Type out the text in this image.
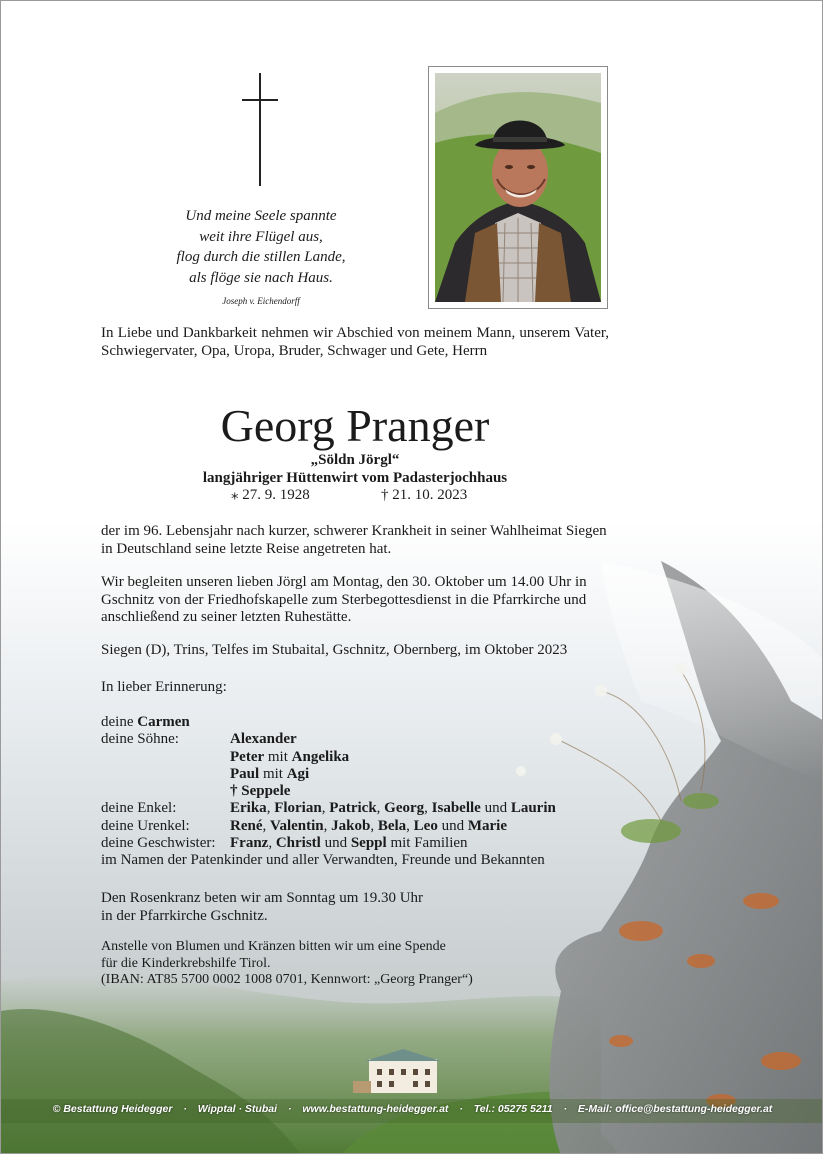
Und meine Seele spannte
weit ihre Flügel aus,
flog durch die stillen Lande,
als flöge sie nach Haus.
Joseph v. Eichendorff
In Liebe und Dankbarkeit nehmen wir Abschied von meinem Mann, unserem Vater, Schwiegervater, Opa, Uropa, Bruder, Schwager und Gete, Herrn
Georg Pranger
„Söldn Jörgl“
langjähriger Hüttenwirt vom Padasterjochhaus
⁎ 27. 9. 1928	† 21. 10. 2023
der im 96. Lebensjahr nach kurzer, schwerer Krankheit in seiner Wahlheimat Siegen in Deutschland seine letzte Reise angetreten hat.
Wir begleiten unseren lieben Jörgl am Montag, den 30. Oktober um 14.00 Uhr in Gschnitz von der Friedhofskapelle zum Sterbegottesdienst in die Pfarrkirche und anschließend zu seiner letzten Ruhestätte.
Siegen (D), Trins, Telfes im Stubaital, Gschnitz, Obernberg, im Oktober 2023
In lieber Erinnerung:
deine Carmen
deine Söhne:	Alexander
Peter mit Angelika
Paul mit Agi
† Seppele
deine Enkel:	Erika, Florian, Patrick, Georg, Isabelle und Laurin
deine Urenkel:	René, Valentin, Jakob, Bela, Leo und Marie
deine Geschwister: Franz, Christl und Seppl mit Familien
im Namen der Patenkinder und aller Verwandten, Freunde und Bekannten
Den Rosenkranz beten wir am Sonntag um 19.30 Uhr
in der Pfarrkirche Gschnitz.
Anstelle von Blumen und Kränzen bitten wir um eine Spende
für die Kinderkrebshilfe Tirol.
(IBAN: AT85 5700 0002 1008 0701, Kennwort: „Georg Pranger“)
© Bestattung Heidegger · Wipptal · Stubai · www.bestattung-heidegger.at · Tel.: 05275 5211 · E-Mail: office@bestattung-heidegger.at
